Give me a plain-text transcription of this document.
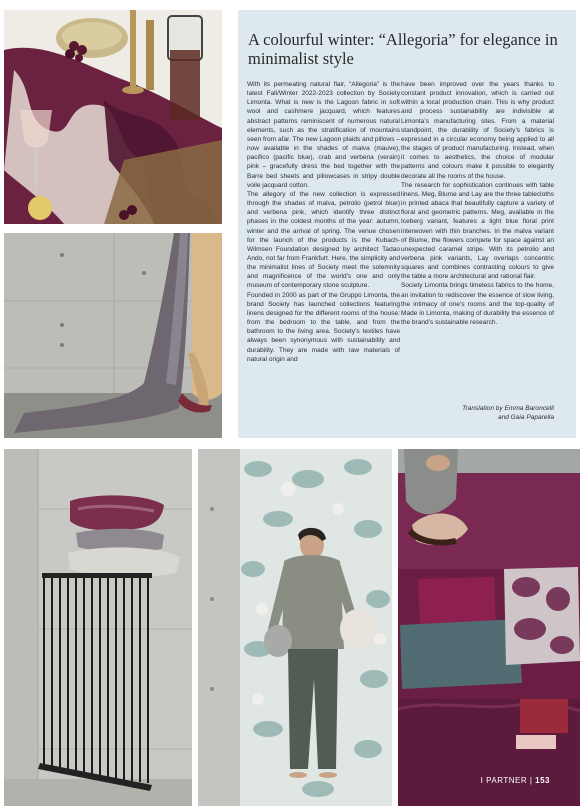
A colourful winter: “Allegoria” for elegance in minimalist style

With its permeating natural flair, “Allegoria” is the latest Fall/Winter 2022-2023 collection by Society Limonta. What is new is the Lagoon fabric in soft wool and cashmere jacquard, which features abstract patterns reminiscent of numerous natural elements, such as the stratification of mountains seen from afar. The new Lagoon plaids and pillows – now available in the shades of malva (mauve), pacifico (pacific blue), crab and verbena (verain) pink – gracefully dress the bed together with the Barre bed sheets and pillowcases in stripy double voile jacquard cotton.

The allegory of the new collection is expressed through the shades of malva, petrolio (petrol blue) and verbena pink, which identify three distinct phases in the coldest months of the year: autumn, winter and the arrival of spring. The venue chosen for the launch of the products is the Kubach-Wilmsen Foundation designed by architect Tadao Ando, not far from Frankfurt. Here, the simplicity and the minimalist lines of Society meet the solemnity and magnificence of the world’s one and only museum of contemporary stone sculpture.

Founded in 2000 as part of the Gruppo Limonta, the brand Society has launched collections featuring linens designed for the different rooms of the house: from the bedroom to the table, and from the bathroom to the living area. Society’s textiles have always been synonymous with sustainability and durability. They are made with raw materials of natural origin and

have been improved over the years thanks to constant product innovation, which is carried out within a local production chain. This is why product and process sustainability are indivisible at Limonta’s manufacturing sites. From a material standpoint, the durability of Society’s fabrics is expressed in a circular economy being applied to all the stages of product manufacturing. Instead, when it comes to aesthetics, the choice of modular patterns and colours make it possible to elegantly decorate all the rooms of the house.

The research for sophistication continues with table linens. Meg, Blume and Lay are the three tablecloths in printed abaca that beautifully capture a variety of floral and geometric patterns. Meg, available in the Iceberg variant, features a light blue floral print interwoven with thin branches. In the malva variant of Blume, the flowers compete for space against an unexpected caramel stripe. With its petrolio and verbena pink variants, Lay overlaps concentric squares and combines contrasting colours to give the table a more architectural and rational flair.

Society Limonta brings timeless fabrics to the home, an invitation to rediscover the essence of slow living, the intimacy of one’s rooms and the top-quality of Made in Limonta, making of durability the essence of the brand’s sustainable research.

Translation by Emma Baroncelli
and Gaia Paparella
I PARTNER | 153
